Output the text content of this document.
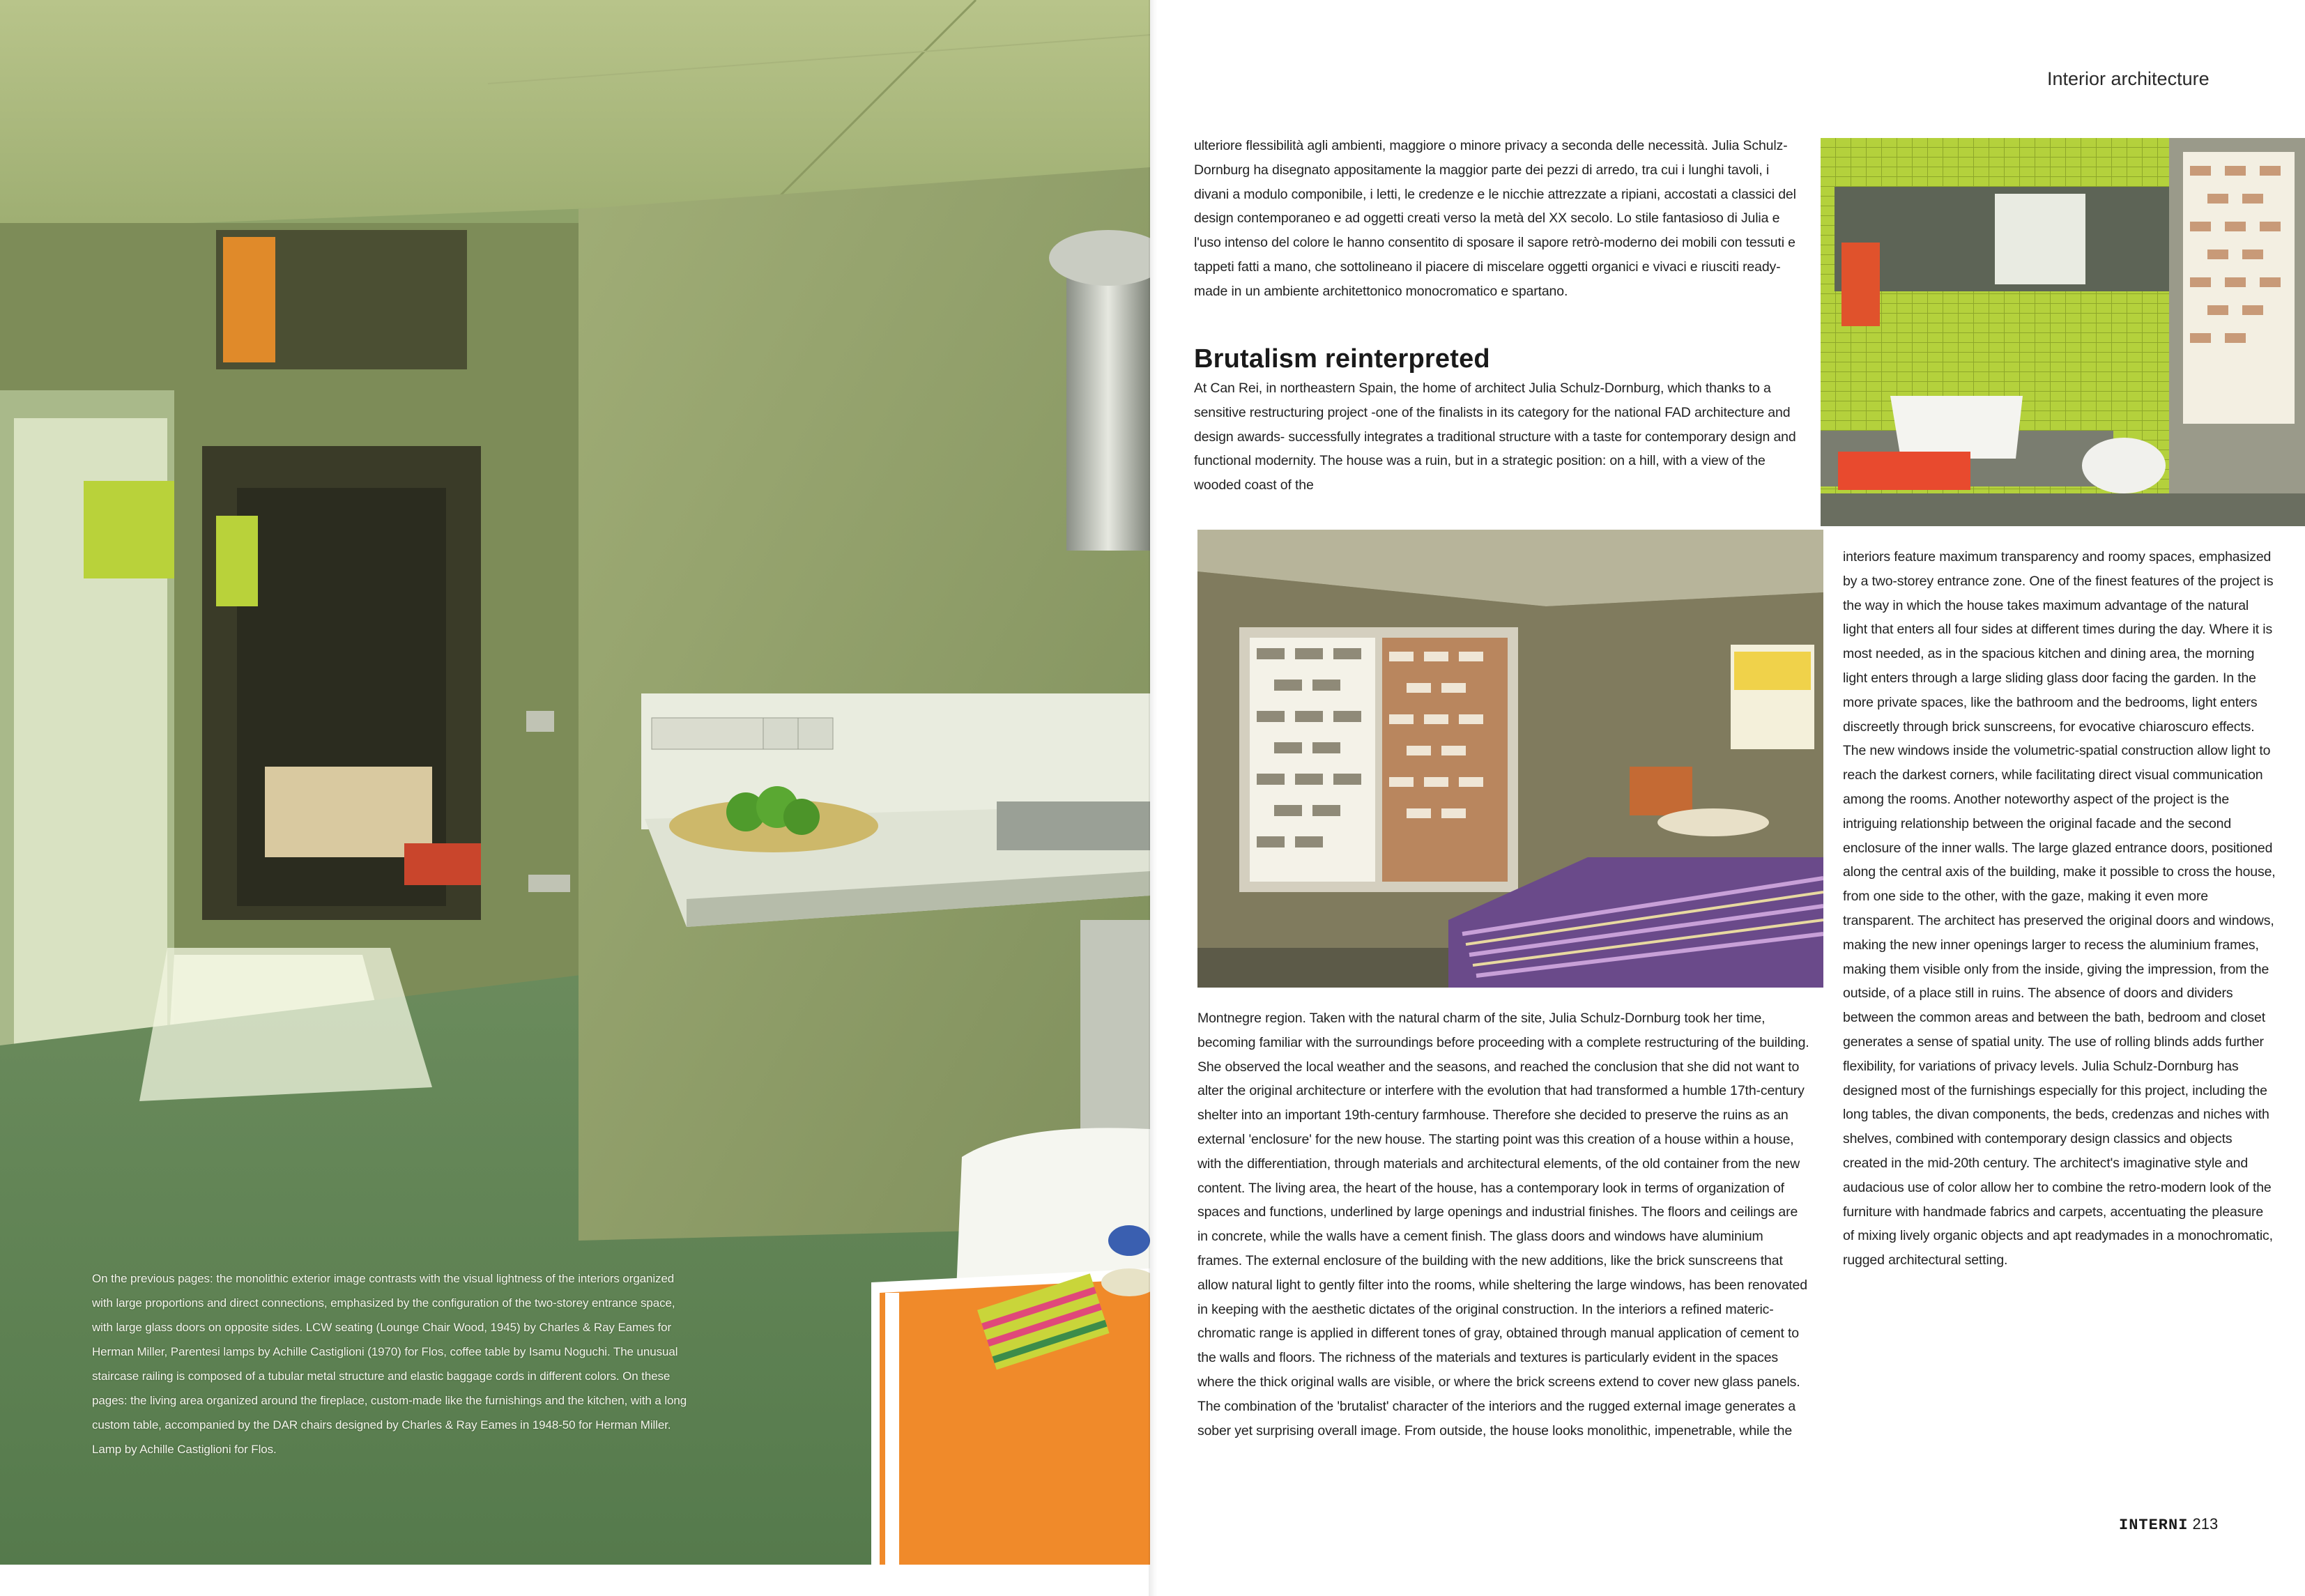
On the previous pages: the monolithic exterior image contrasts with the visual lightness of the interiors organized with large proportions and direct connections, emphasized by the configuration of the two-storey entrance space, with large glass doors on opposite sides. LCW seating (Lounge Chair Wood, 1945) by Charles & Ray Eames for Herman Miller, Parentesi lamps by Achille Castiglioni (1970) for Flos, coffee table by Isamu Noguchi. The unusual staircase railing is composed of a tubular metal structure and elastic baggage cords in different colors. On these pages: the living area organized around the fireplace, custom-made like the furnishings and the kitchen, with a long custom table, accompanied by the DAR chairs designed by Charles & Ray Eames in 1948-50 for Herman Miller. Lamp by Achille Castiglioni for Flos.

Interior architecture

ulteriore flessibilità agli ambienti, maggiore o minore privacy a seconda delle necessità. Julia Schulz-Dornburg ha disegnato appositamente la maggior parte dei pezzi di arredo, tra cui i lunghi tavoli, i divani a modulo componibile, i letti, le credenze e le nicchie attrezzate a ripiani, accostati a classici del design contemporaneo e ad oggetti creati verso la metà del XX secolo. Lo stile fantasioso di Julia e l'uso intenso del colore le hanno consentito di sposare il sapore retrò-moderno dei mobili con tessuti e tappeti fatti a mano, che sottolineano il piacere di miscelare oggetti organici e vivaci e riusciti ready-made in un ambiente architettonico monocromatico e spartano.

Brutalism reinterpreted

At Can Rei, in northeastern Spain, the home of architect Julia Schulz-Dornburg, which thanks to a sensitive restructuring project -one of the finalists in its category for the national FAD architecture and design awards- successfully integrates a traditional structure with a taste for contemporary design and functional modernity. The house was a ruin, but in a strategic position: on a hill, with a view of the wooded coast of the

Montnegre region. Taken with the natural charm of the site, Julia Schulz-Dornburg took her time, becoming familiar with the surroundings before proceeding with a complete restructuring of the building. She observed the local weather and the seasons, and reached the conclusion that she did not want to alter the original architecture or interfere with the evolution that had transformed a humble 17th-century shelter into an important 19th-century farmhouse. Therefore she decided to preserve the ruins as an external 'enclosure' for the new house. The starting point was this creation of a house within a house, with the differentiation, through materials and architectural elements, of the old container from the new content. The living area, the heart of the house, has a contemporary look in terms of organization of spaces and functions, underlined by large openings and industrial finishes. The floors and ceilings are in concrete, while the walls have a cement finish. The glass doors and windows have aluminium frames. The external enclosure of the building with the new additions, like the brick sunscreens that allow natural light to gently filter into the rooms, while sheltering the large windows, has been renovated in keeping with the aesthetic dictates of the original construction. In the interiors a refined materic-chromatic range is applied in different tones of gray, obtained through manual application of cement to the walls and floors. The richness of the materials and textures is particularly evident in the spaces where the thick original walls are visible, or where the brick screens extend to cover new glass panels. The combination of the 'brutalist' character of the interiors and the rugged external image generates a sober yet surprising overall image. From outside, the house looks monolithic, impenetrable, while the

interiors feature maximum transparency and roomy spaces, emphasized by a two-storey entrance zone. One of the finest features of the project is the way in which the house takes maximum advantage of the natural light that enters all four sides at different times during the day. Where it is most needed, as in the spacious kitchen and dining area, the morning light enters through a large sliding glass door facing the garden. In the more private spaces, like the bathroom and the bedrooms, light enters discreetly through brick sunscreens, for evocative chiaroscuro effects. The new windows inside the volumetric-spatial construction allow light to reach the darkest corners, while facilitating direct visual communication among the rooms. Another noteworthy aspect of the project is the intriguing relationship between the original facade and the second enclosure of the inner walls. The large glazed entrance doors, positioned along the central axis of the building, make it possible to cross the house, from one side to the other, with the gaze, making it even more transparent. The architect has preserved the original doors and windows, making the new inner openings larger to recess the aluminium frames, making them visible only from the inside, giving the impression, from the outside, of a place still in ruins. The absence of doors and dividers between the common areas and between the bath, bedroom and closet generates a sense of spatial unity. The use of rolling blinds adds further flexibility, for variations of privacy levels. Julia Schulz-Dornburg has designed most of the furnishings especially for this project, including the long tables, the divan components, the beds, credenzas and niches with shelves, combined with contemporary design classics and objects created in the mid-20th century. The architect's imaginative style and audacious use of color allow her to combine the retro-modern look of the furniture with handmade fabrics and carpets, accentuating the pleasure of mixing lively organic objects and apt readymades in a monochromatic, rugged architectural setting.

INTERNI 213
